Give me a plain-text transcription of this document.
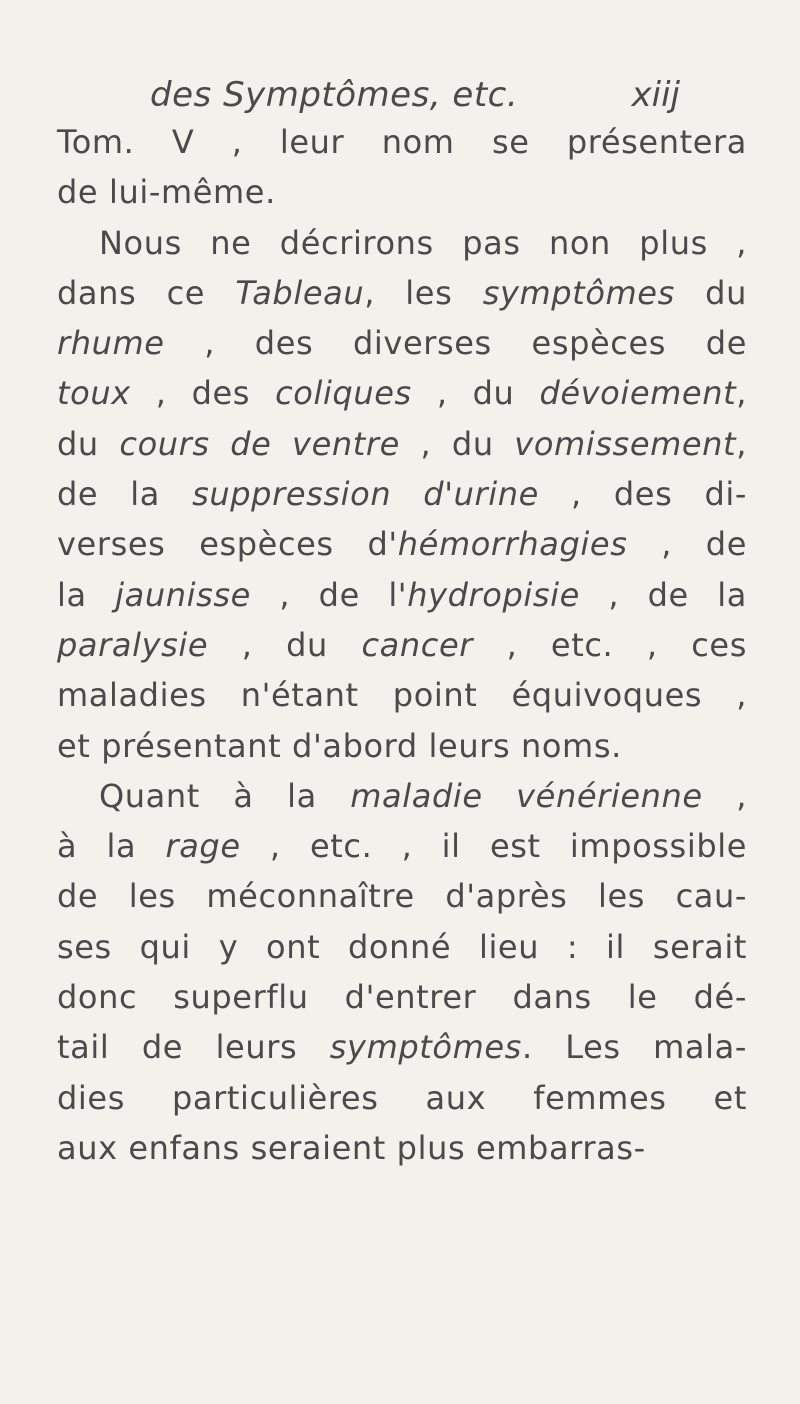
des Symptômes, etc.	xiij
Tom. V , leur nom se présentera
de lui-même.
Nous ne décrirons pas non plus ,
dans ce Tableau, les symptômes du
rhume , des diverses espèces de
toux , des coliques , du dévoiement,
du cours de ventre , du vomissement,
de la suppression d'urine , des di-
verses espèces d'hémorrhagies , de
la jaunisse , de l'hydropisie , de la
paralysie , du cancer , etc. , ces
maladies n'étant point équivoques ,
et présentant d'abord leurs noms.
Quant à la maladie vénérienne ,
à la rage , etc. , il est impossible
de les méconnaître d'après les cau-
ses qui y ont donné lieu : il serait
donc superflu d'entrer dans le dé-
tail de leurs symptômes. Les mala-
dies particulières aux femmes et
aux enfans seraient plus embarras-
